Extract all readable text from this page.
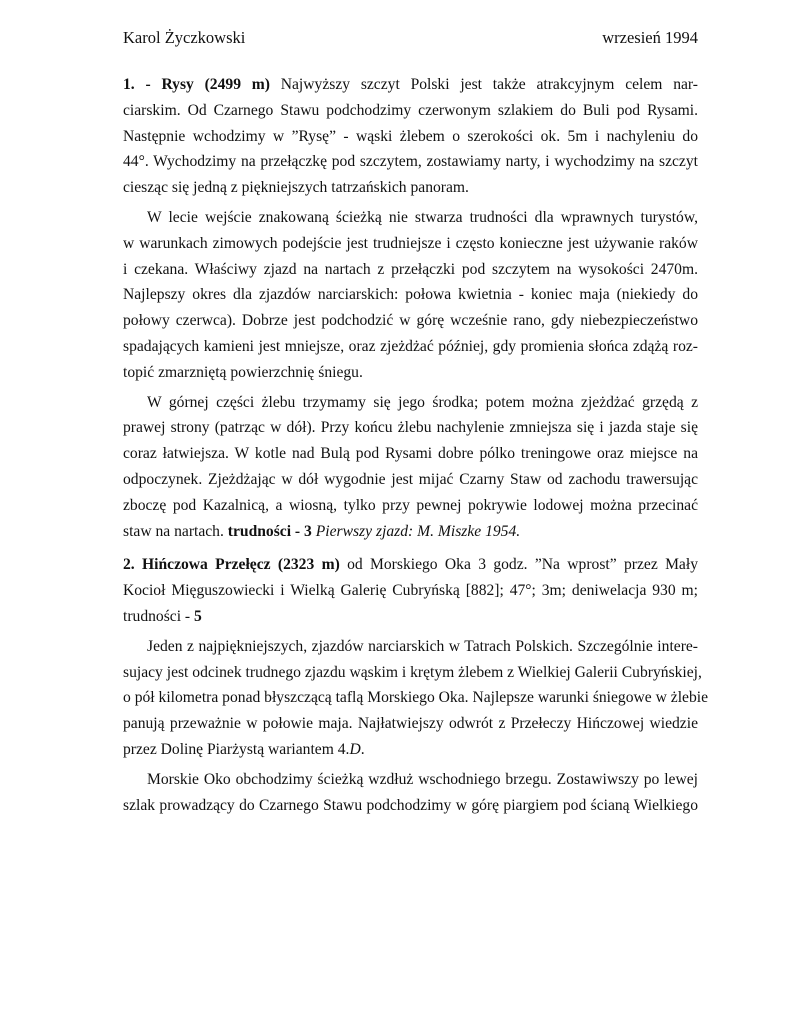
Karol Życzkowski	wrzesień 1994

1. - Rysy (2499 m) Najwyższy szczyt Polski jest także atrakcyjnym celem nar-
ciarskim. Od Czarnego Stawu podchodzimy czerwonym szlakiem do Buli pod Rysami.
Następnie wchodzimy w ”Rysę” - wąski żlebem o szerokości ok. 5m i nachyleniu do
44°. Wychodzimy na przełączkę pod szczytem, zostawiamy narty, i wychodzimy na szczyt
ciesząc się jedną z piękniejszych tatrzańskich panoram.

W lecie wejście znakowaną ścieżką nie stwarza trudności dla wprawnych turystów,
w warunkach zimowych podejście jest trudniejsze i często konieczne jest używanie raków
i czekana. Właściwy zjazd na nartach z przełączki pod szczytem na wysokości 2470m.
Najlepszy okres dla zjazdów narciarskich: połowa kwietnia - koniec maja (niekiedy do
połowy czerwca). Dobrze jest podchodzić w górę wcześnie rano, gdy niebezpieczeństwo
spadających kamieni jest mniejsze, oraz zjeżdżać później, gdy promienia słońca zdążą roz-
topić zmarzniętą powierzchnię śniegu.

W górnej części żlebu trzymamy się jego środka; potem można zjeżdżać grzędą z
prawej strony (patrząc w dół). Przy końcu żlebu nachylenie zmniejsza się i jazda staje się
coraz łatwiejsza. W kotle nad Bulą pod Rysami dobre pólko treningowe oraz miejsce na
odpoczynek. Zjeżdżając w dół wygodnie jest mijać Czarny Staw od zachodu trawersując
zboczę pod Kazalnicą, a wiosną, tylko przy pewnej pokrywie lodowej można przecinać
staw na nartach. trudności - 3 Pierwszy zjazd: M. Miszke 1954.

2. Hińczowa Przełęcz (2323 m) od Morskiego Oka 3 godz. ”Na wprost” przez Mały
Kocioł Mięguszowiecki i Wielką Galerię Cubryńską [882]; 47°; 3m; deniwelacja 930 m;
trudności - 5

Jeden z najpiękniejszych, zjazdów narciarskich w Tatrach Polskich. Szczególnie intere-
sujacy jest odcinek trudnego zjazdu wąskim i krętym żlebem z Wielkiej Galerii Cubryńskiej,
o pół kilometra ponad błyszczącą taflą Morskiego Oka. Najlepsze warunki śniegowe w żlebie
panują przeważnie w połowie maja. Najłatwiejszy odwrót z Przełeczy Hińczowej wiedzie
przez Dolinę Piarżystą wariantem 4.D.

Morskie Oko obchodzimy ścieżką wzdłuż wschodniego brzegu. Zostawiwszy po lewej
szlak prowadzący do Czarnego Stawu podchodzimy w górę piargiem pod ścianą Wielkiego
